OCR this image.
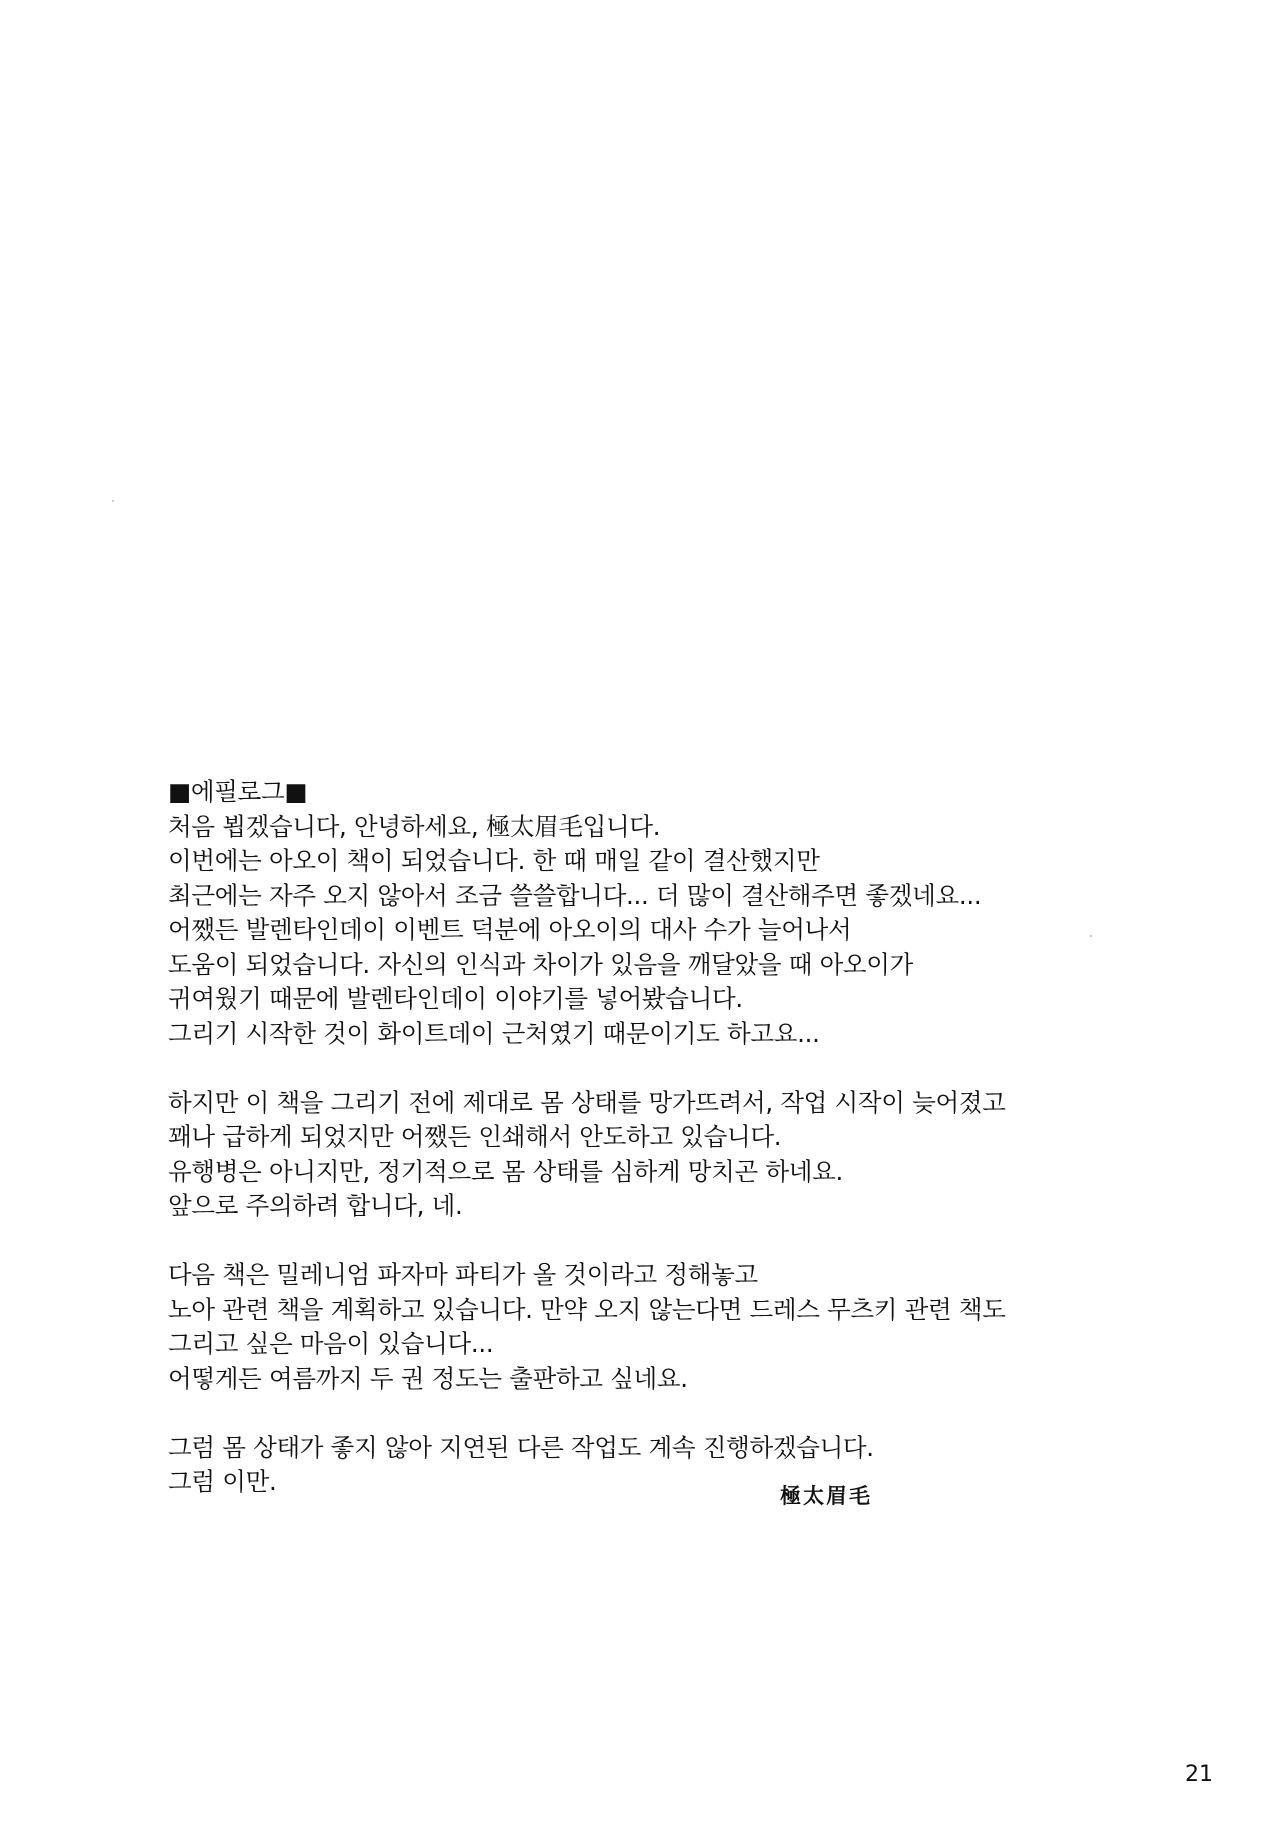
■에필로그■
처음 뵙겠습니다, 안녕하세요, 極太眉毛입니다.
이번에는 아오이 책이 되었습니다. 한 때 매일 같이 결산했지만
최근에는 자주 오지 않아서 조금 쓸쓸합니다... 더 많이 결산해주면 좋겠네요...
어쨌든 발렌타인데이 이벤트 덕분에 아오이의 대사 수가 늘어나서
도움이 되었습니다. 자신의 인식과 차이가 있음을 깨달았을 때 아오이가
귀여웠기 때문에 발렌타인데이 이야기를 넣어봤습니다.
그리기 시작한 것이 화이트데이 근처였기 때문이기도 하고요...
하지만 이 책을 그리기 전에 제대로 몸 상태를 망가뜨려서, 작업 시작이 늦어졌고
꽤나 급하게 되었지만 어쨌든 인쇄해서 안도하고 있습니다.
유행병은 아니지만, 정기적으로 몸 상태를 심하게 망치곤 하네요.
앞으로 주의하려 합니다, 네.
다음 책은 밀레니엄 파자마 파티가 올 것이라고 정해놓고
노아 관련 책을 계획하고 있습니다. 만약 오지 않는다면 드레스 무츠키 관련 책도
그리고 싶은 마음이 있습니다...
어떻게든 여름까지 두 권 정도는 출판하고 싶네요.
그럼 몸 상태가 좋지 않아 지연된 다른 작업도 계속 진행하겠습니다.
그럼 이만.	極太眉毛
21
